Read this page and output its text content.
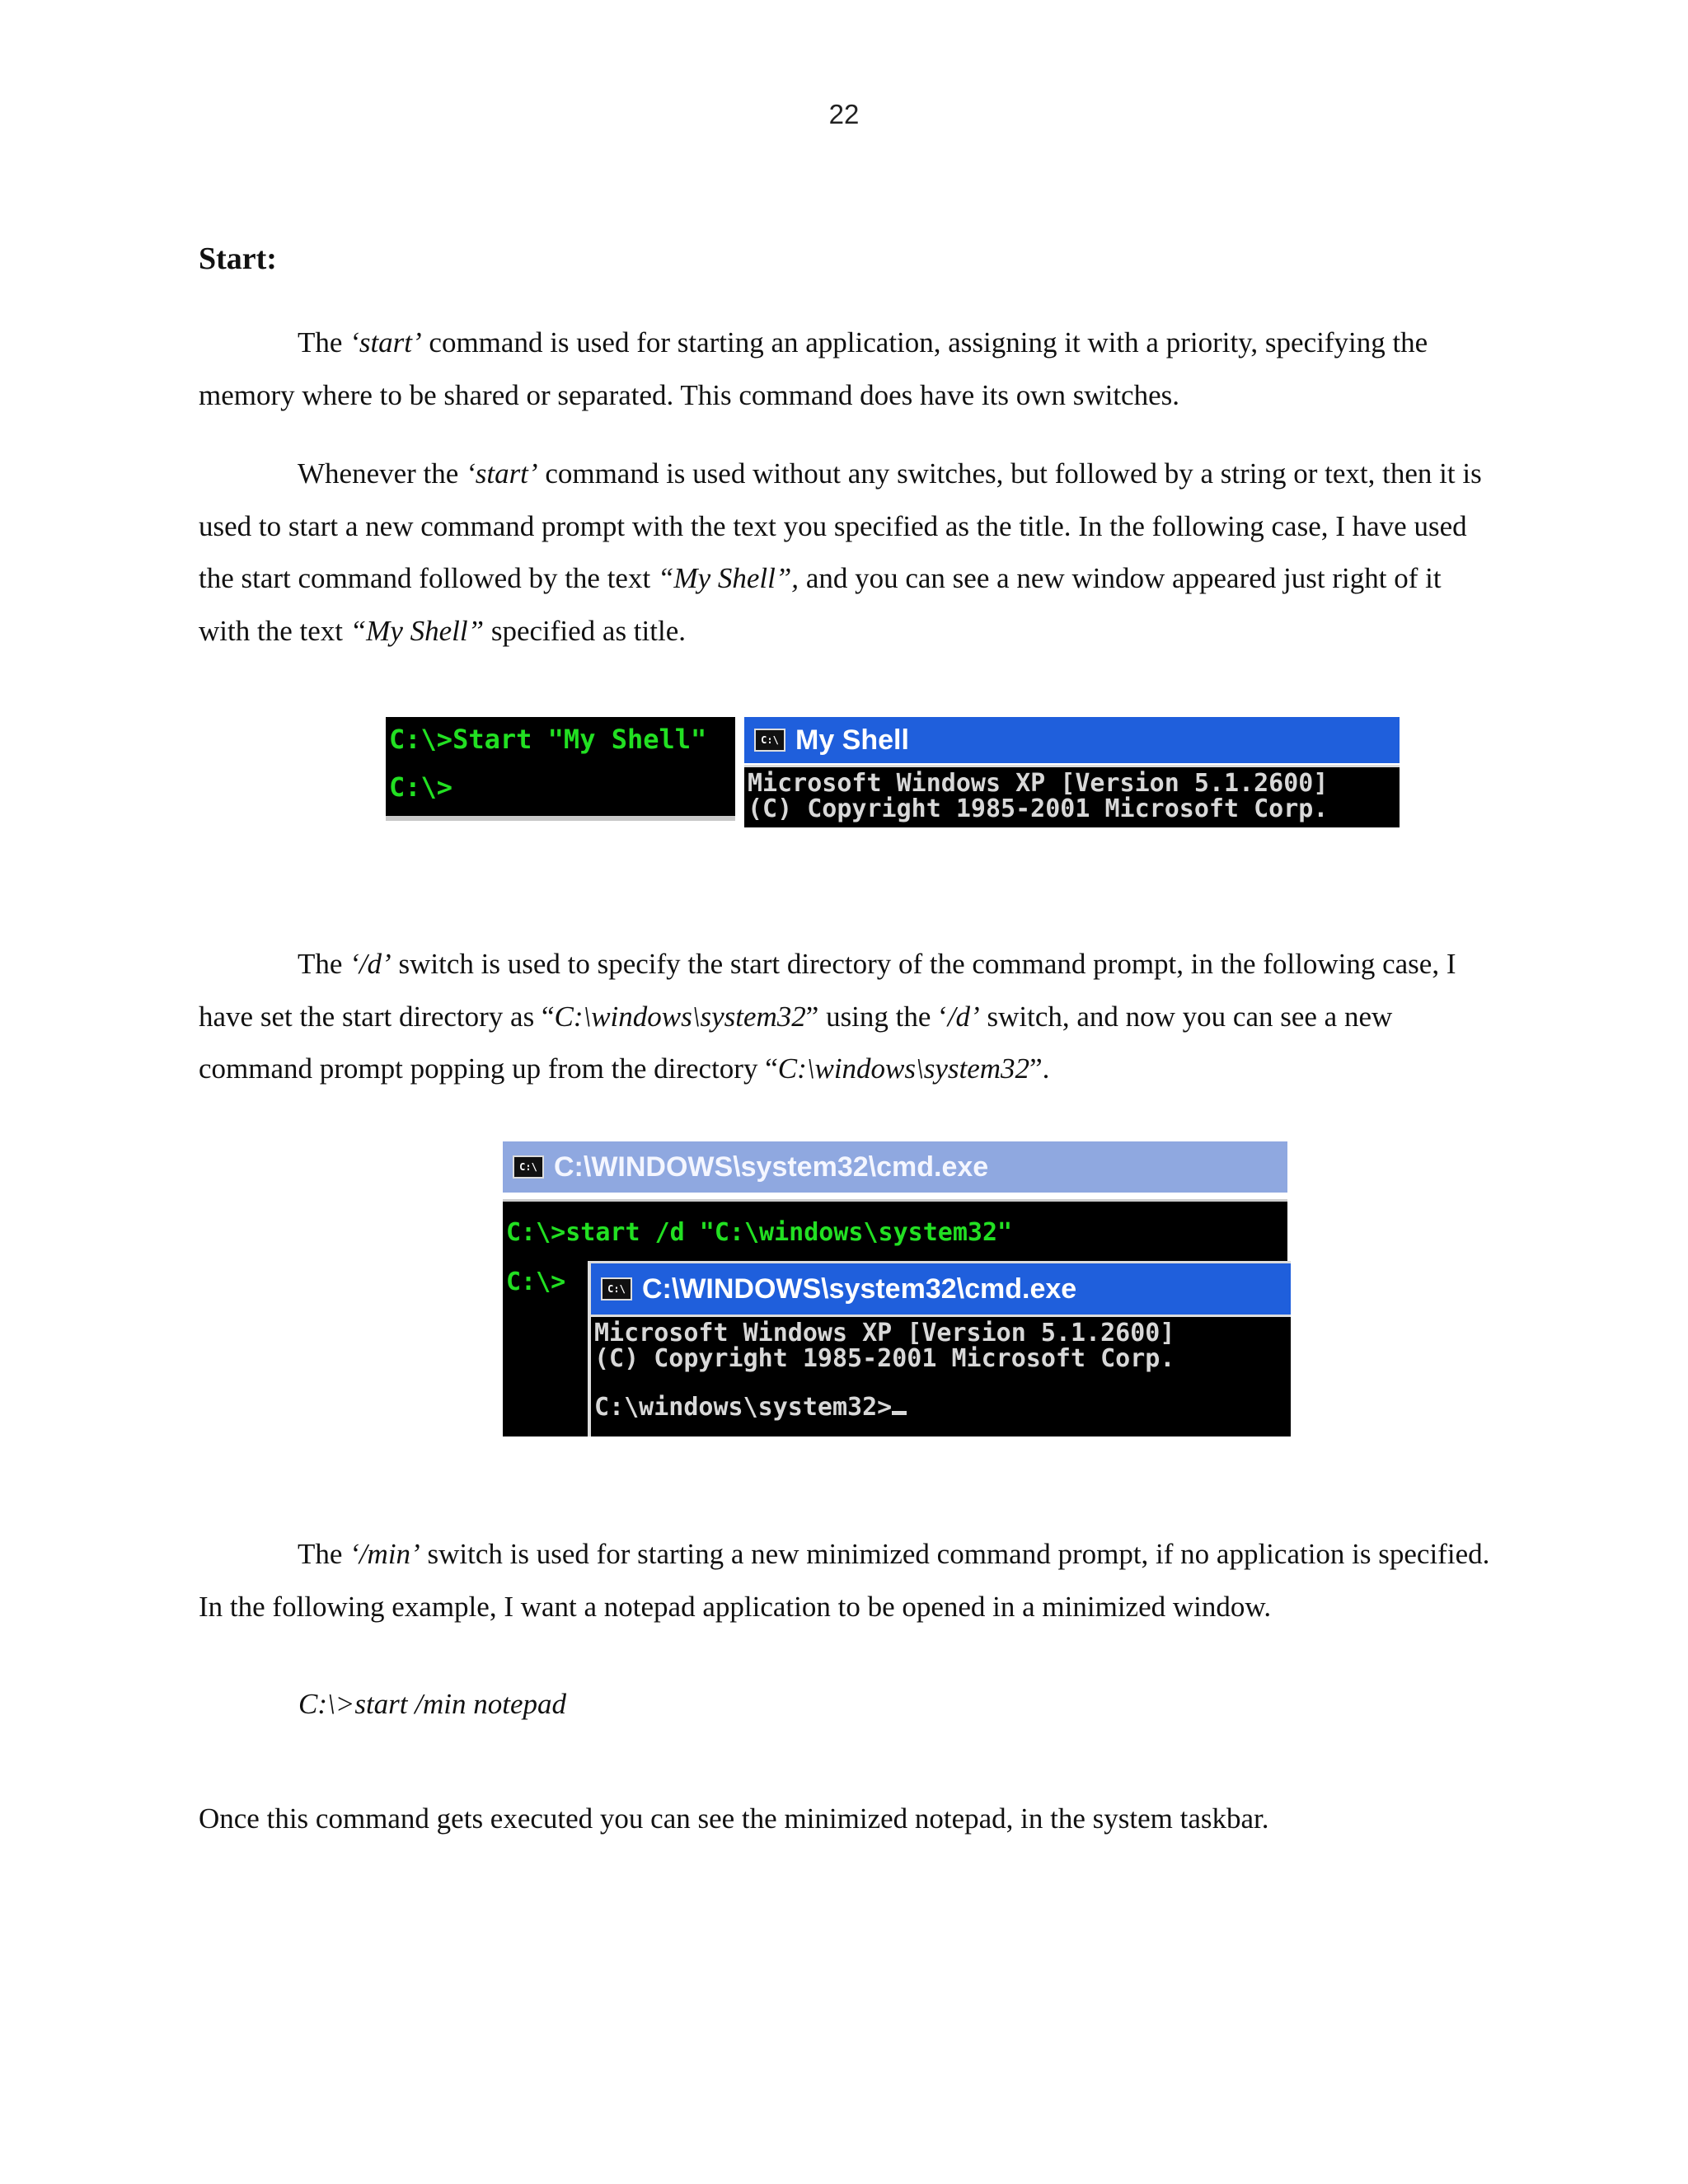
22
Start:

The ‘start’ command is used for starting an application, assigning it with a priority, specifying the memory where to be shared or separated. This command does have its own switches.

Whenever the ‘start’ command is used without any switches, but followed by a string or text, then it is used to start a new command prompt with the text you specified as the title. In the following case, I have used the start command followed by the text “My Shell”, and you can see a new window appeared just right of it with the text “My Shell” specified as title.

C:\>Start "My Shell"
C:\>
C:\ My Shell
Microsoft Windows XP [Version 5.1.2600]
(C) Copyright 1985-2001 Microsoft Corp.

The ‘/d’ switch is used to specify the start directory of the command prompt, in the following case, I have set the start directory as “C:\windows\system32” using the ‘/d’ switch, and now you can see a new command prompt popping up from the directory “C:\windows\system32”.

C:\ C:\WINDOWS\system32\cmd.exe
C:\>start /d "C:\windows\system32"
C:\>	C:\ C:\WINDOWS\system32\cmd.exe
Microsoft Windows XP [Version 5.1.2600]
(C) Copyright 1985-2001 Microsoft Corp.
C:\windows\system32>

The ‘/min’ switch is used for starting a new minimized command prompt, if no application is specified. In the following example, I want a notepad application to be opened in a minimized window.

C:\>start /min notepad

Once this command gets executed you can see the minimized notepad, in the system taskbar.
